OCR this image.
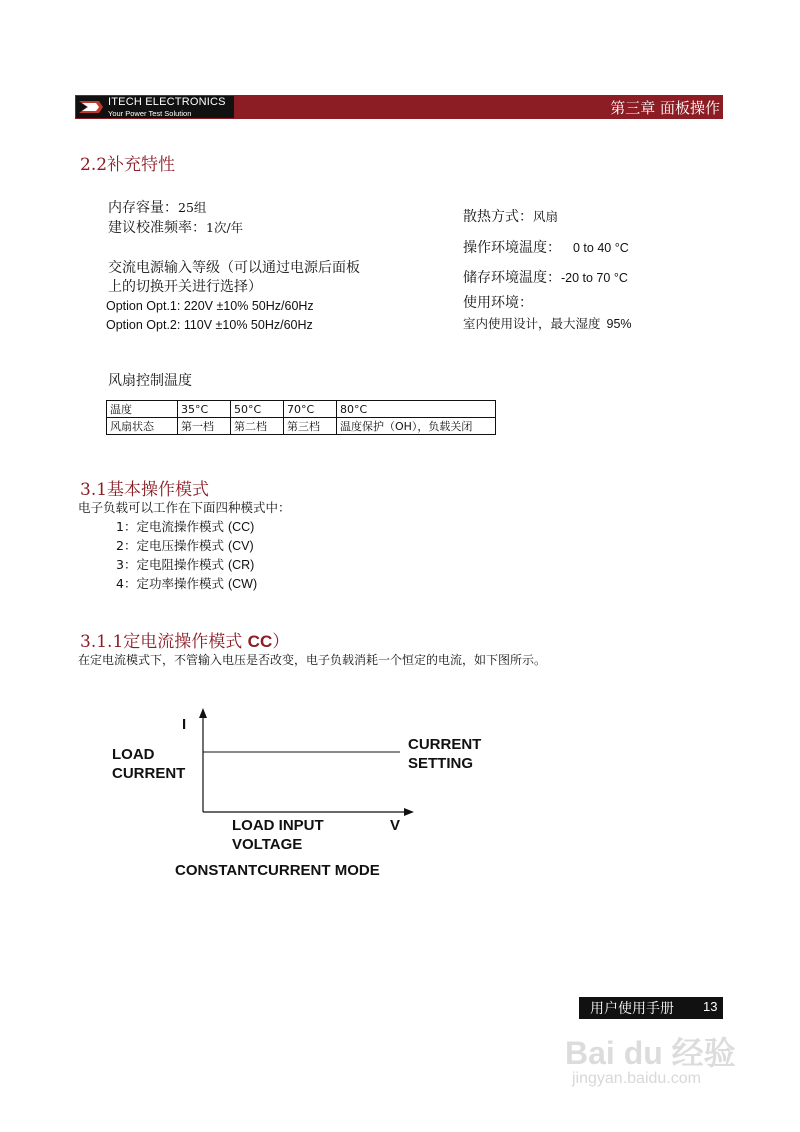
ITECH ELECTRONICS
Your Power Test Solution	第三章 面板操作
2.2补充特性
内存容量：25组
建议校准频率：1次/年
交流电源输入等级（可以通过电源后面板
上的切换开关进行选择）
Option Opt.1: 220V ±10% 50Hz/60Hz
Option Opt.2: 110V ±10% 50Hz/60Hz
散热方式：风扇
操作环境温度： 0 to 40 °C
储存环境温度：-20 to 70 °C
使用环境：
室内使用设计，最大湿度 95%
风扇控制温度
温度	35°C	50°C	70°C	80°C
风扇状态	第一档	第二档	第三档	温度保护（OH），负载关闭
3.1基本操作模式
电子负载可以工作在下面四种模式中：
1：定电流操作模式 (CC)
2：定电压操作模式 (CV)
3：定电阻操作模式 (CR)
4：定功率操作模式 (CW)
3.1.1定电流操作模式 CC）
在定电流模式下，不管输入电压是否改变，电子负载消耗一个恒定的电流，如下图所示。
I
LOAD
CURRENT
CURRENT
SETTING
LOAD INPUT
VOLTAGE
V
CONSTANTCURRENT MODE
用户使用手册 13
Bai du 经验
jingyan.baidu.com
